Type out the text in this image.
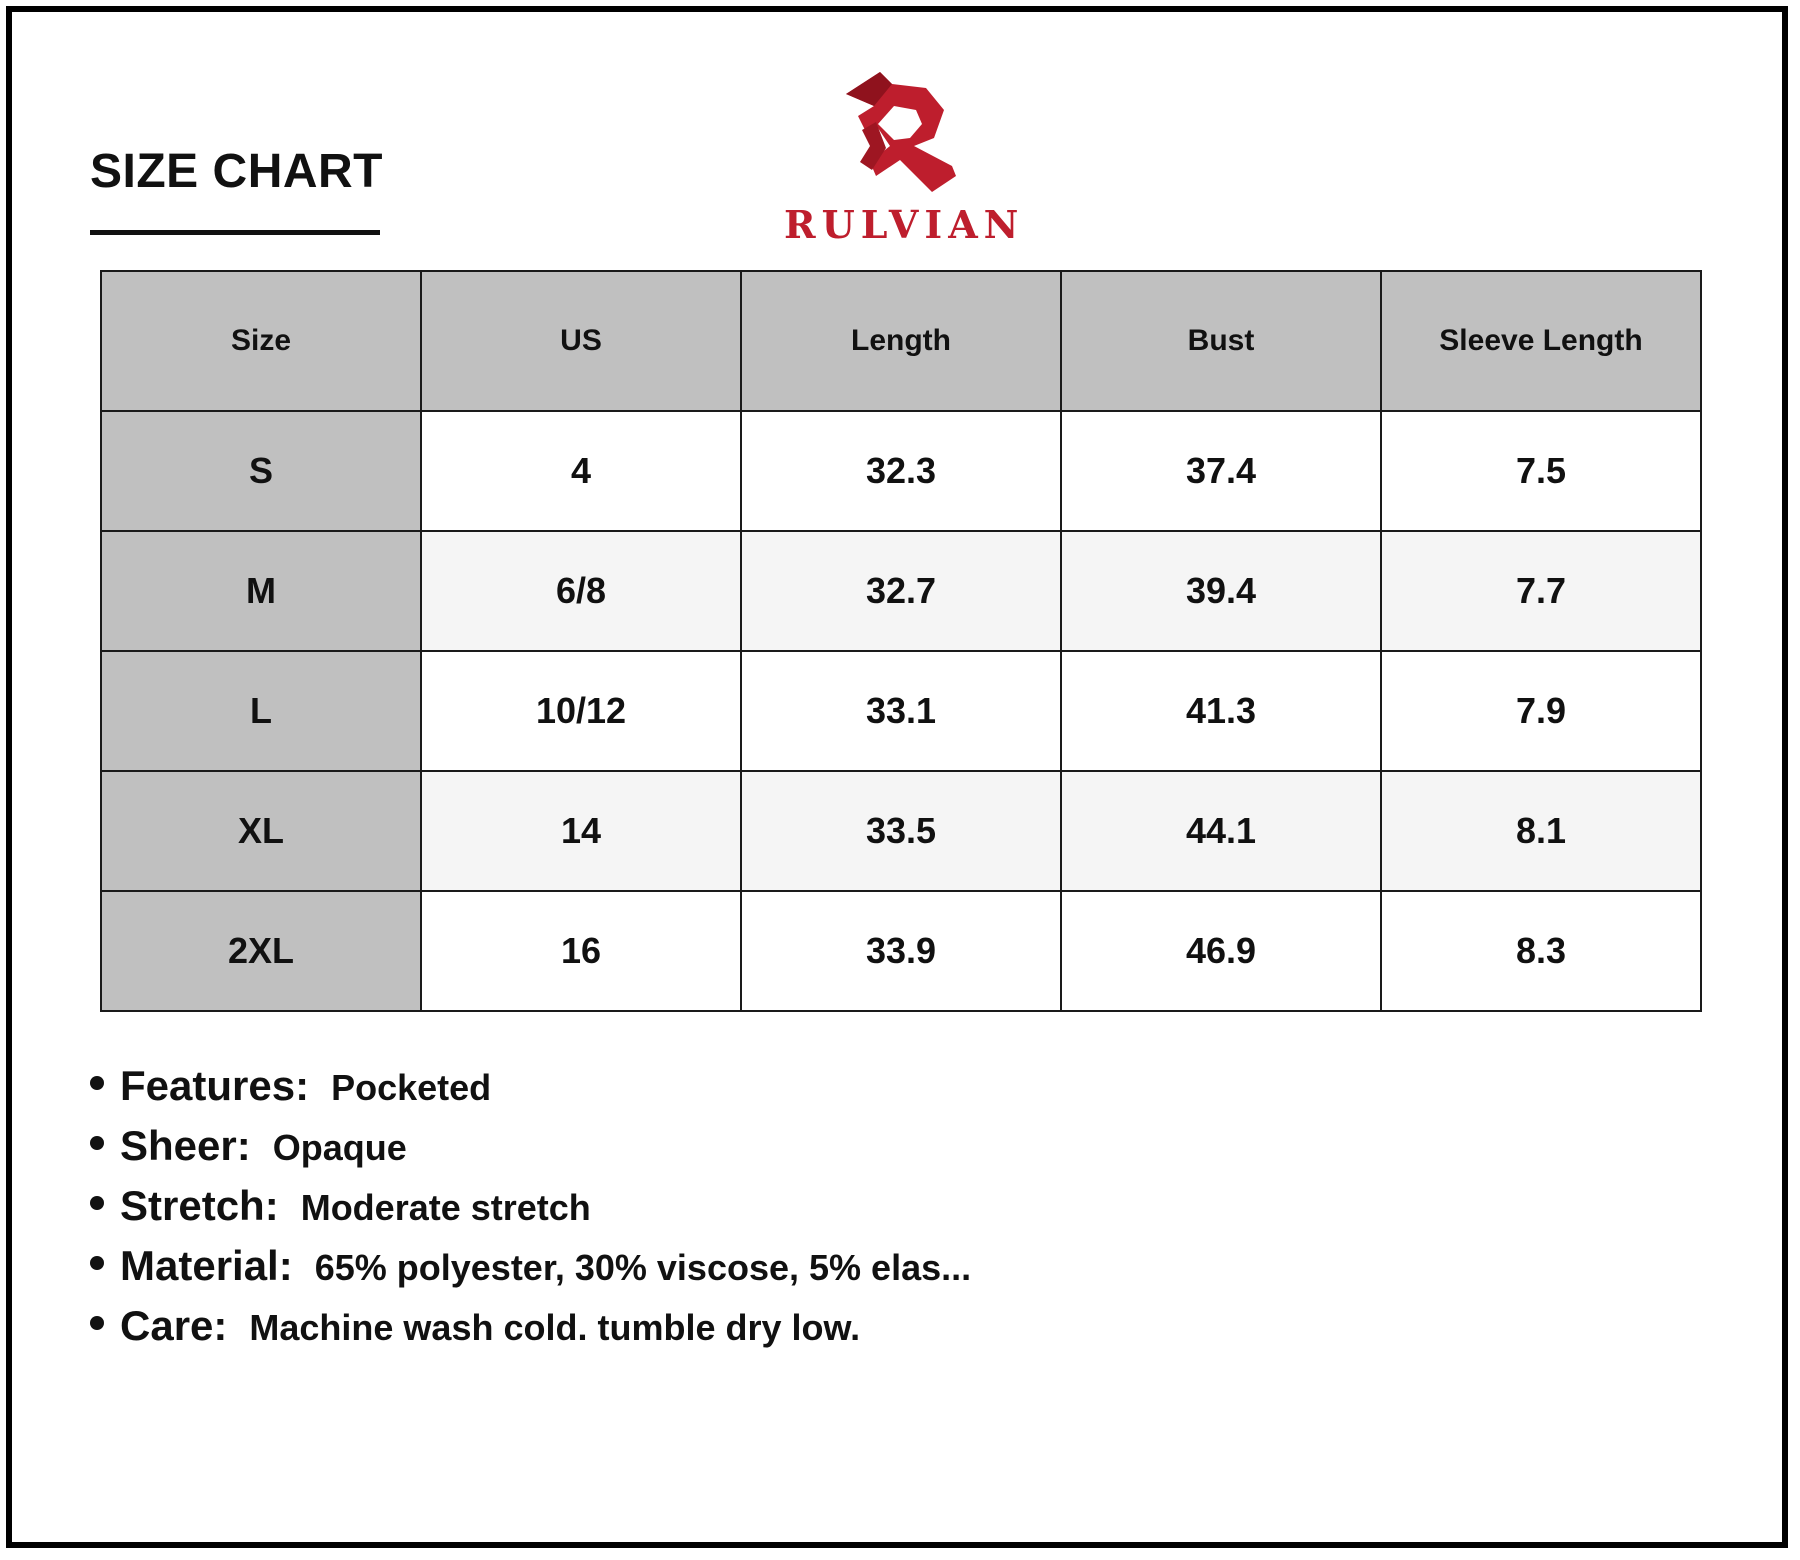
SIZE CHART
RULVIAN
Size	US	Length	Bust	Sleeve Length
S	4	32.3	37.4	7.5
M	6/8	32.7	39.4	7.7
L	10/12	33.1	41.3	7.9
XL	14	33.5	44.1	8.1
2XL	16	33.9	46.9	8.3
Features: Pocketed
Sheer: Opaque
Stretch: Moderate stretch
Material: 65% polyester, 30% viscose, 5% elas...
Care: Machine wash cold. tumble dry low.
